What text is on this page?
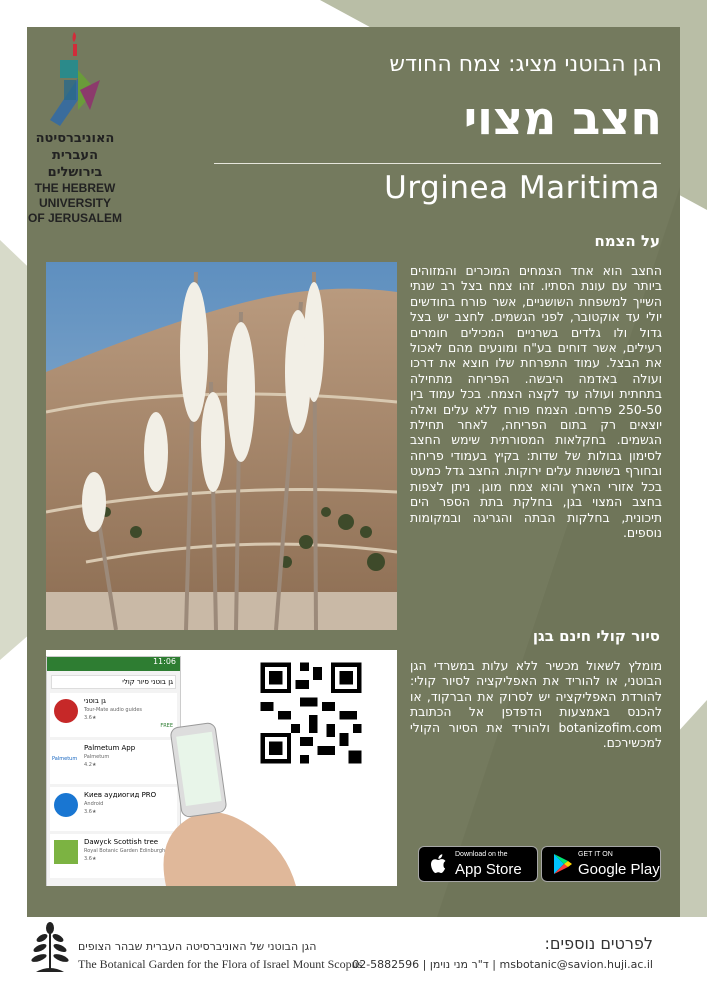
האוניברסיטה
העברית
בירושלים
THE HEBREW
UNIVERSITY
OF JERUSALEM
הגן הבוטני מציג: צמח החודש
חצב מצוי
Urginea Maritima
על הצמח
החצב הוא אחד הצמחים המוכרים והמזוהים ביותר עם עונת הסתיו. זהו צמח בצל רב שנתי השייך למשפחת השושניים, אשר פורח בחודשים יולי עד אוקטובר, לפני הגשמים. לחצב יש בצל גדול ולו גלדים בשרניים המכילים חומרים רעילים, אשר דוחים בע"ח ומונעים מהם לאכול את הבצל. עמוד התפרחת שלו חוצא את דרכו ועולה באדמה היבשה. הפריחה מתחילה בתחתית ועולה עד לקצה הצמח. בכל עמוד בין 250-50 פרחים. הצמח פורח ללא עלים ואלה יוצאים רק בתום הפריחה, לאחר תחילת הגשמים. בחקלאות המסורתית שימש החצב לסימון גבולות של שדות: בקיץ בעמודי פריחה ובחורף בשושנות עלים ירוקות. החצב גדל כמעט בכל אזורי הארץ והוא צמח מוגן. ניתן לצפות בחצב המצוי בגן, בחלקת בתת הספר הים תיכונית, בחלקות הבתה והגריגה ובמקומות נוספים.
סיור קולי חינם בגן
מומלץ לשאול מכשיר ללא עלות במשרדי הגן הבוטני, או להוריד את האפליקציה לסיור קולי: להורדת האפליקציה יש לסרוק את הברקוד, או להכנס באמצעות הדפדפן אל הכתובת botanizofim.com ולהוריד את הסיור הקולי למכשירכם.
11:06
גן בוטני סיור קולי
גן בוטני
Tour-Mate audio guides
3.6★
FREE
Palmetum
Palmetum App
Palmetum
4.2★
Киев аудиогид PRO
Android
3.6★
Dawyck Scottish tree
Royal Botanic Garden Edinburgh
3.6★
Download on the
App Store
GET IT ON
Google Play
הגן הבוטני של האוניברסיטה העברית שבהר הצופים
The Botanical Garden for the Flora of Israel Mount Scopus
לפרטים נוספים:
ד"ר מני נוימן | 02-5882596 | msbotanic@savion.huji.ac.il
